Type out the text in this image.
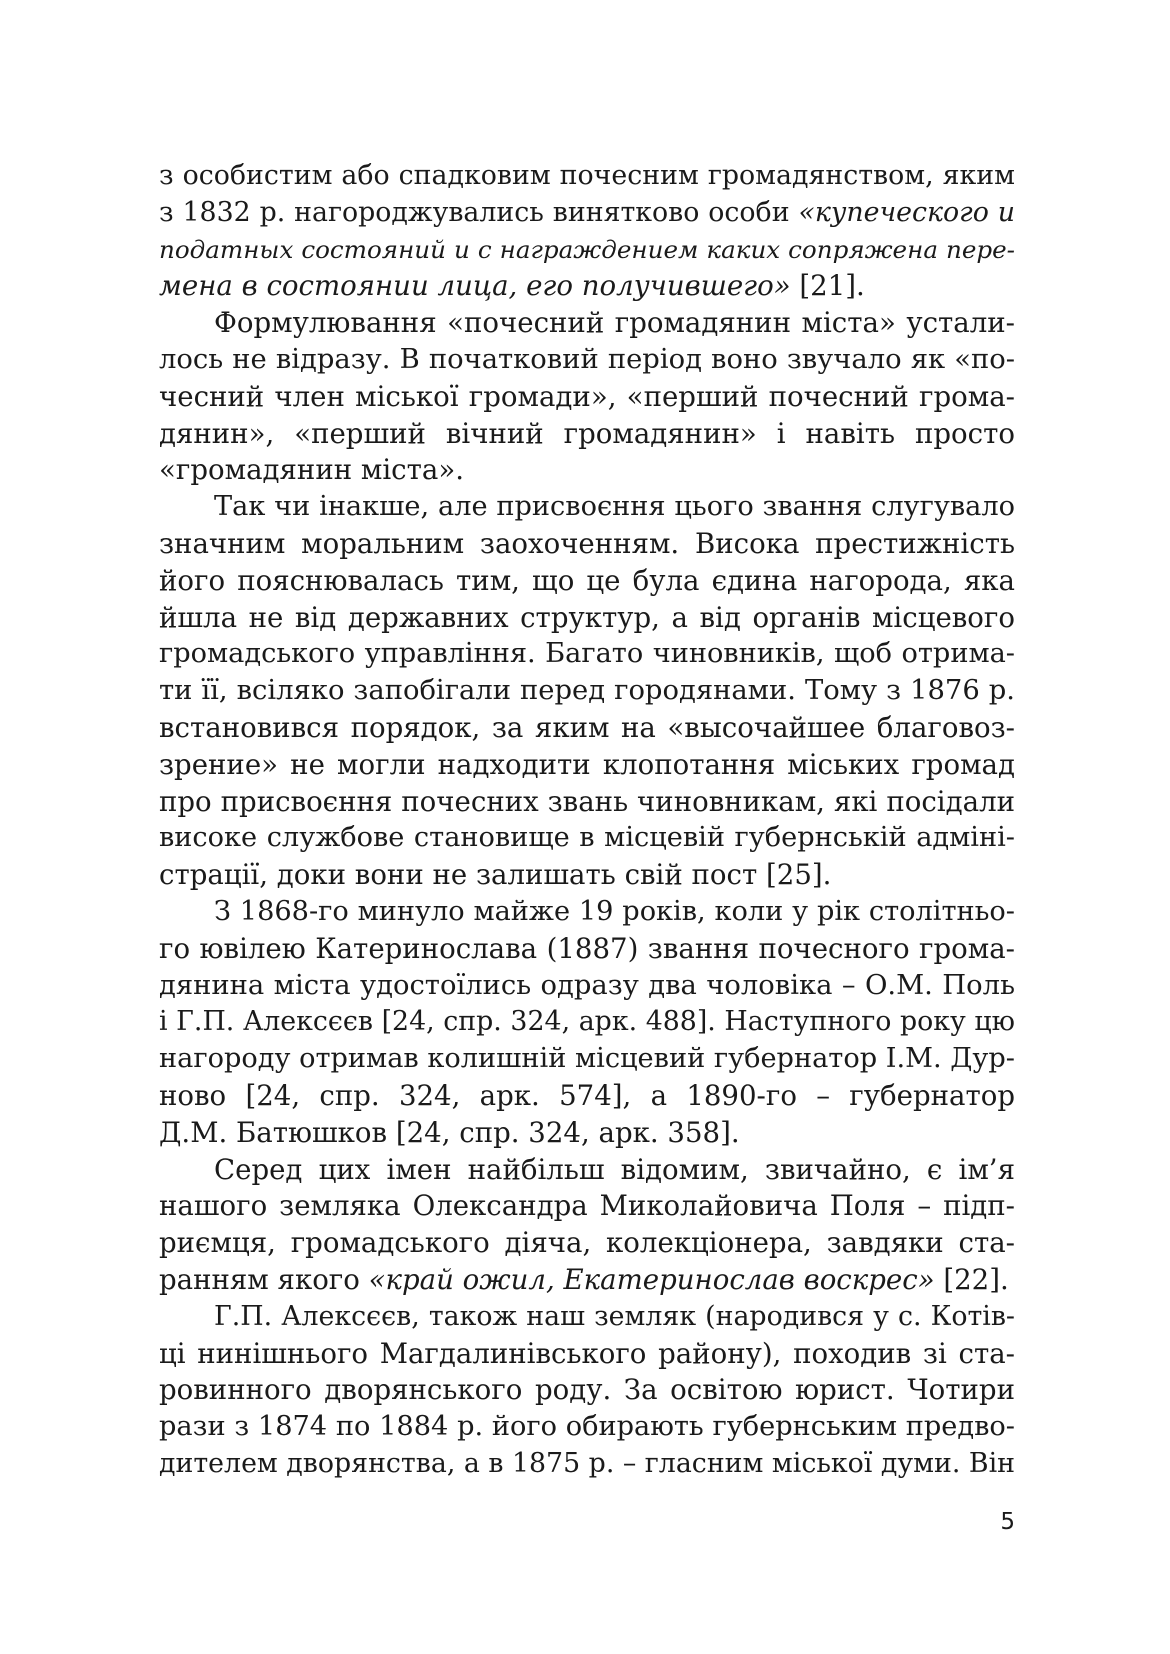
з особистим або спадковим почесним громадянством, яким
з 1832 р. нагороджувались винятково особи «купеческого и
податных состояний и с награждением каких сопряжена пере-
мена в состоянии лица, его получившего» [21].
Формулювання «почесний громадянин міста» устали-
лось не відразу. В початковий період воно звучало як «по-
чесний член міської громади», «перший почесний грома-
дянин», «перший вічний громадянин» і навіть просто
«громадянин міста».
Так чи інакше, але присвоєння цього звання слугувало
значним моральним заохоченням. Висока престижність
його пояснювалась тим, що це була єдина нагорода, яка
йшла не від державних структур, а від органів місцевого
громадського управління. Багато чиновників, щоб отрима-
ти її, всіляко запобігали перед городянами. Тому з 1876 р.
встановився порядок, за яким на «высочайшее благовоз-
зрение» не могли надходити клопотання міських громад
про присвоєння почесних звань чиновникам, які посідали
високе службове становище в місцевій губернській адміні-
страції, доки вони не залишать свій пост [25].
З 1868-го минуло майже 19 років, коли у рік столітньо-
го ювілею Катеринослава (1887) звання почесного грома-
дянина міста удостоїлись одразу два чоловіка – О.М. Поль
і Г.П. Алексєєв [24, спр. 324, арк. 488]. Наступного року цю
нагороду отримав колишній місцевий губернатор І.М. Дур-
ново [24, спр. 324, арк. 574], а 1890-го – губернатор
Д.М. Батюшков [24, спр. 324, арк. 358].
Серед цих імен найбільш відомим, звичайно, є ім’я
нашого земляка Олександра Миколайовича Поля – підп-
риємця, громадського діяча, колекціонера, завдяки ста-
ранням якого «край ожил, Екатеринослав воскрес» [22].
Г.П. Алексєєв, також наш земляк (народився у с. Котів-
ці нинішнього Магдалинівського району), походив зі ста-
ровинного дворянського роду. За освітою юрист. Чотири
рази з 1874 по 1884 р. його обирають губернським предво-
дителем дворянства, а в 1875 р. – гласним міської думи. Він
5
